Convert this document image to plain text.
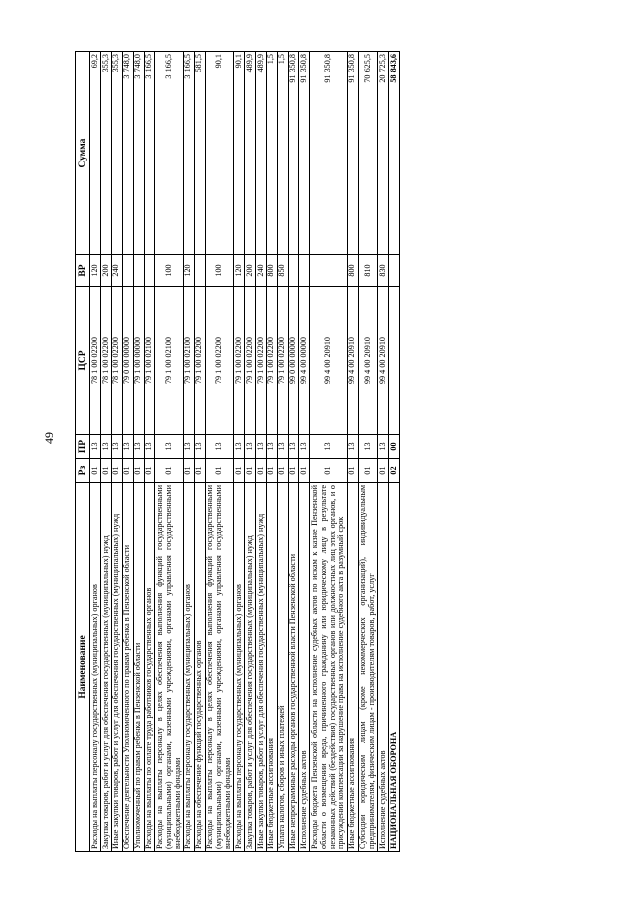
49
Наименование	Рз	ПР	ЦСР	ВР	Сумма
Расходы на выплаты персоналу государственных (муниципальных) органов	01	13	78 1 00 02200	120	69,2
Закупка товаров, работ и услуг для обеспечения государственных (муниципальных) нужд	01	13	78 1 00 02200	200	355,3
Иные закупки товаров, работ и услуг для обеспечения государственных (муниципальных) нужд	01	13	78 1 00 02200	240	355,3
Обеспечение деятельности Уполномоченного по правам ребенка в Пензенской области	01	13	79 0 00 00000		3 748,0
Уполномоченный по правам ребенка в Пензенской области	01	13	79 1 00 00000		3 748,0
Расходы на выплаты по оплате труда работников государственных органов	01	13	79 1 00 02100		3 166,5
Расходы на выплаты персоналу в целях обеспечения выполнения функций государственными (муниципальными) органами, казенными учреждениями, органами управления государственными внебюджетными фондами	01	13	79 1 00 02100	100	3 166,5
Расходы на выплаты персоналу государственных (муниципальных) органов	01	13	79 1 00 02100	120	3 166,5
Расходы на обеспечение функций государственных органов	01	13	79 1 00 02200		581,5
Расходы на выплаты персоналу в целях обеспечения выполнения функций государственными (муниципальными) органами, казенными учреждениями, органами управления государственными внебюджетными фондами	01	13	79 1 00 02200	100	90,1
Расходы на выплаты персоналу государственных (муниципальных) органов	01	13	79 1 00 02200	120	90,1
Закупка товаров, работ и услуг для обеспечения государственных (муниципальных) нужд	01	13	79 1 00 02200	200	489,9
Иные закупки товаров, работ и услуг для обеспечения государственных (муниципальных) нужд	01	13	79 1 00 02200	240	489,9
Иные бюджетные ассигнования	01	13	79 1 00 02200	800	1,5
Уплата налогов, сборов и иных платежей	01	13	79 1 00 02200	850	1,5
Иные непрограммные расходы органов государственной власти Пензенской области	01	13	99 0 00 00000		91 350,8
Исполнение судебных актов	01	13	99 4 00 00000		91 350,8
Расходы бюджета Пензенской области на исполнение судебных актов по искам к казне Пензенской области о возмещении вреда, причиненного гражданину или юридическому лицу в результате незаконных действий (бездействия) государственных органов или должностных лиц этих органов, и о присуждении компенсации за нарушение права на исполнение судебного акта в разумный срок	01	13	99 4 00 20910		91 350,8
Иные бюджетные ассигнования	01	13	99 4 00 20910	800	91 350,8
Субсидии юридическим лицам (кроме некоммерческих организаций), индивидуальным предпринимателям, физическим лицам - производителям товаров, работ, услуг	01	13	99 4 00 20910	810	70 625,5
Исполнение судебных актов	01	13	99 4 00 20910	830	20 725,3
НАЦИОНАЛЬНАЯ ОБОРОНА	02	00			58 843,6
